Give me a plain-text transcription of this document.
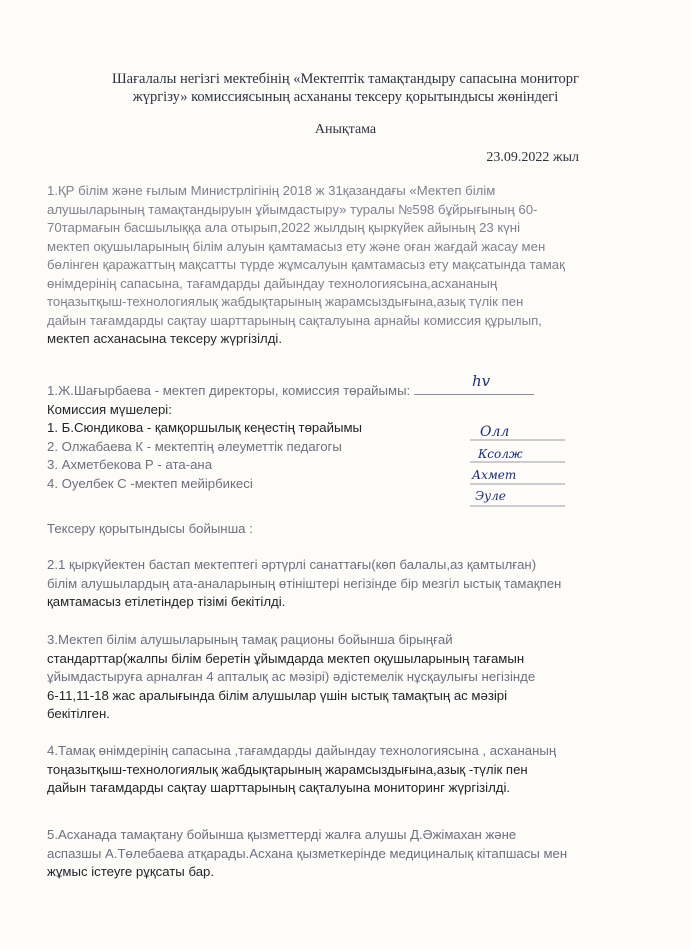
Шағалалы негізгі мектебінің «Мектептік тамақтандыру сапасына мониторг
жүргізу» комиссиясының асхананы тексеру қорытындысы жөніндегі
Анықтама
23.09.2022 жыл
1.ҚР білім және ғылым Министрлігінің 2018 ж 31қазандағы «Мектеп білім
алушыларының тамақтандыруын ұйымдастыру» туралы №598 бұйрығының 60-
70тармағын басшылыққа ала отырып,2022 жылдың қыркүйек айының 23 күні
мектеп оқушыларының білім алуын қамтамасыз ету және оған жағдай жасау мен
бөлінген қаражаттың мақсатты түрде жұмсалуын қамтамасыз ету мақсатында тамақ
өнімдерінің сапасына, тағамдарды дайындау технологиясына,асхананың
тоңазытқыш-технологиялық жабдықтарының жарамсыздығына,азық түлік пен
дайын тағамдарды сақтау шарттарының сақталуына арнайы комиссия құрылып,
мектеп асханасына тексеру жүргізілді.
1.Ж.Шағырбаева - мектеп директоры, комиссия төрайымы:
Комиссия мүшелері:
1. Б.Сюндикова - қамқоршылық кеңестің төрайымы
2. Олжабаева К - мектептің әлеуметтік педагогы
3. Ахметбекова Р - ата-ана
4. Оуелбек С -мектеп мейірбикесі
hv
Олл
Ксолж
Ахмет
Эуле
Тексеру қорытындысы бойынша :
2.1 қыркүйектен бастап мектептегі әртүрлі санаттағы(көп балалы,аз қамтылған)
білім алушылардың ата-аналарының өтініштері негізінде бір мезгіл ыстық тамақпен
қамтамасыз етілетіндер тізімі бекітілді.
3.Мектеп білім алушыларының тамақ рационы бойынша бірыңғай
стандарттар(жалпы білім беретін ұйымдарда мектеп оқушыларының тағамын
ұйымдастыруға арналған 4 апталық ас мәзірі) әдістемелік нұсқаулығы негізінде
6-11,11-18 жас аралығында білім алушылар үшін ыстық тамақтың ас мәзірі
бекітілген.
4.Тамақ өнімдерінің сапасына ,тағамдарды дайындау технологиясына , асхананың
тоңазытқыш-технологиялық жабдықтарының жарамсыздығына,азық -түлік пен
дайын тағамдарды сақтау шарттарының сақталуына мониторинг жүргізілді.
5.Асханада тамақтану бойынша қызметтерді жалға алушы Д.Әжімахан және
аспазшы А.Төлебаева атқарады.Асхана қызметкерінде медициналық кітапшасы мен
жұмыс істеуге рұқсаты бар.
